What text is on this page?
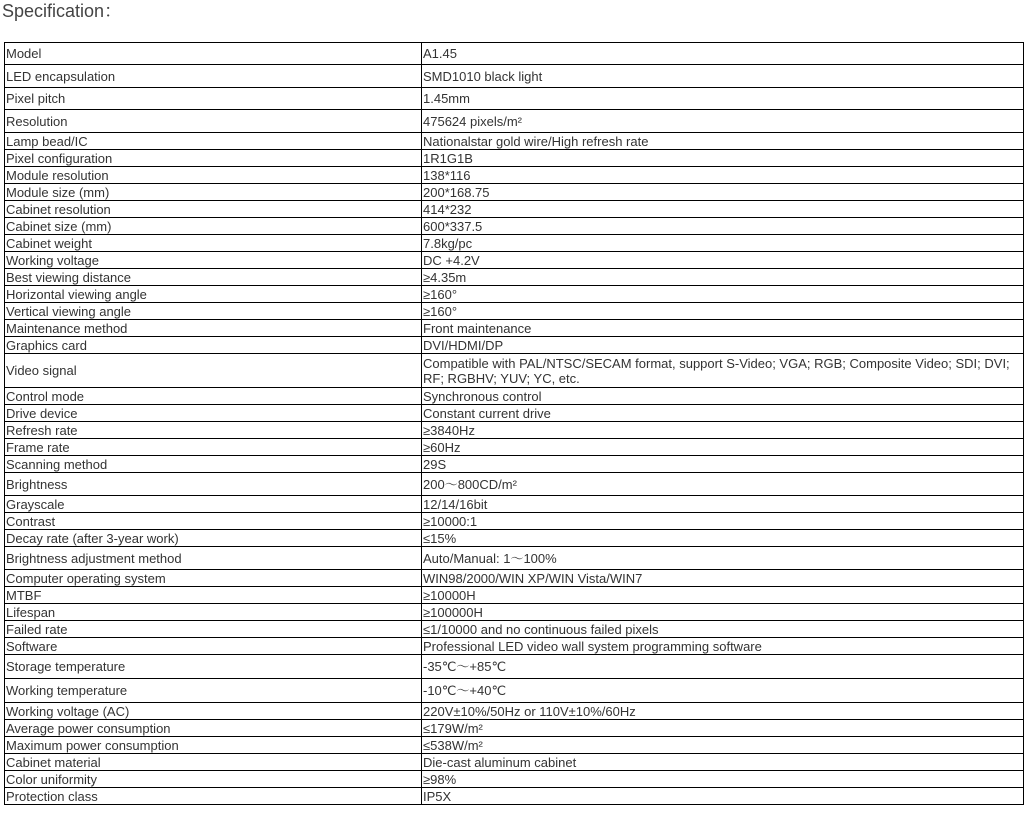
Specification：
Model	A1.45
LED encapsulation	SMD1010 black light
Pixel pitch	1.45mm
Resolution	475624 pixels/m²
Lamp bead/IC	Nationalstar gold wire/High refresh rate
Pixel configuration	1R1G1B
Module resolution	138*116
Module size (mm)	200*168.75
Cabinet resolution	414*232
Cabinet size (mm)	600*337.5
Cabinet weight	7.8kg/pc
Working voltage	DC +4.2V
Best viewing distance	≥4.35m
Horizontal viewing angle	≥160°
Vertical viewing angle	≥160°
Maintenance method	Front maintenance
Graphics card	DVI/HDMI/DP
Video signal	Compatible with PAL/NTSC/SECAM format, support S-Video; VGA; RGB; Composite Video; SDI; DVI; RF; RGBHV; YUV; YC, etc.
Control mode	Synchronous control
Drive device	Constant current drive
Refresh rate	≥3840Hz
Frame rate	≥60Hz
Scanning method	29S
Brightness	200～800CD/m²
Grayscale	12/14/16bit
Contrast	≥10000:1
Decay rate (after 3-year work)	≤15%
Brightness adjustment method	Auto/Manual: 1～100%
Computer operating system	WIN98/2000/WIN XP/WIN Vista/WIN7
MTBF	≥10000H
Lifespan	≥100000H
Failed rate	≤1/10000 and no continuous failed pixels
Software	Professional LED video wall system programming software
Storage temperature	-35℃～+85℃
Working temperature	-10℃～+40℃
Working voltage (AC)	220V±10%/50Hz or 110V±10%/60Hz
Average power consumption	≤179W/m²
Maximum power consumption	≤538W/m²
Cabinet material	Die-cast aluminum cabinet
Color uniformity	≥98%
Protection class	IP5X
